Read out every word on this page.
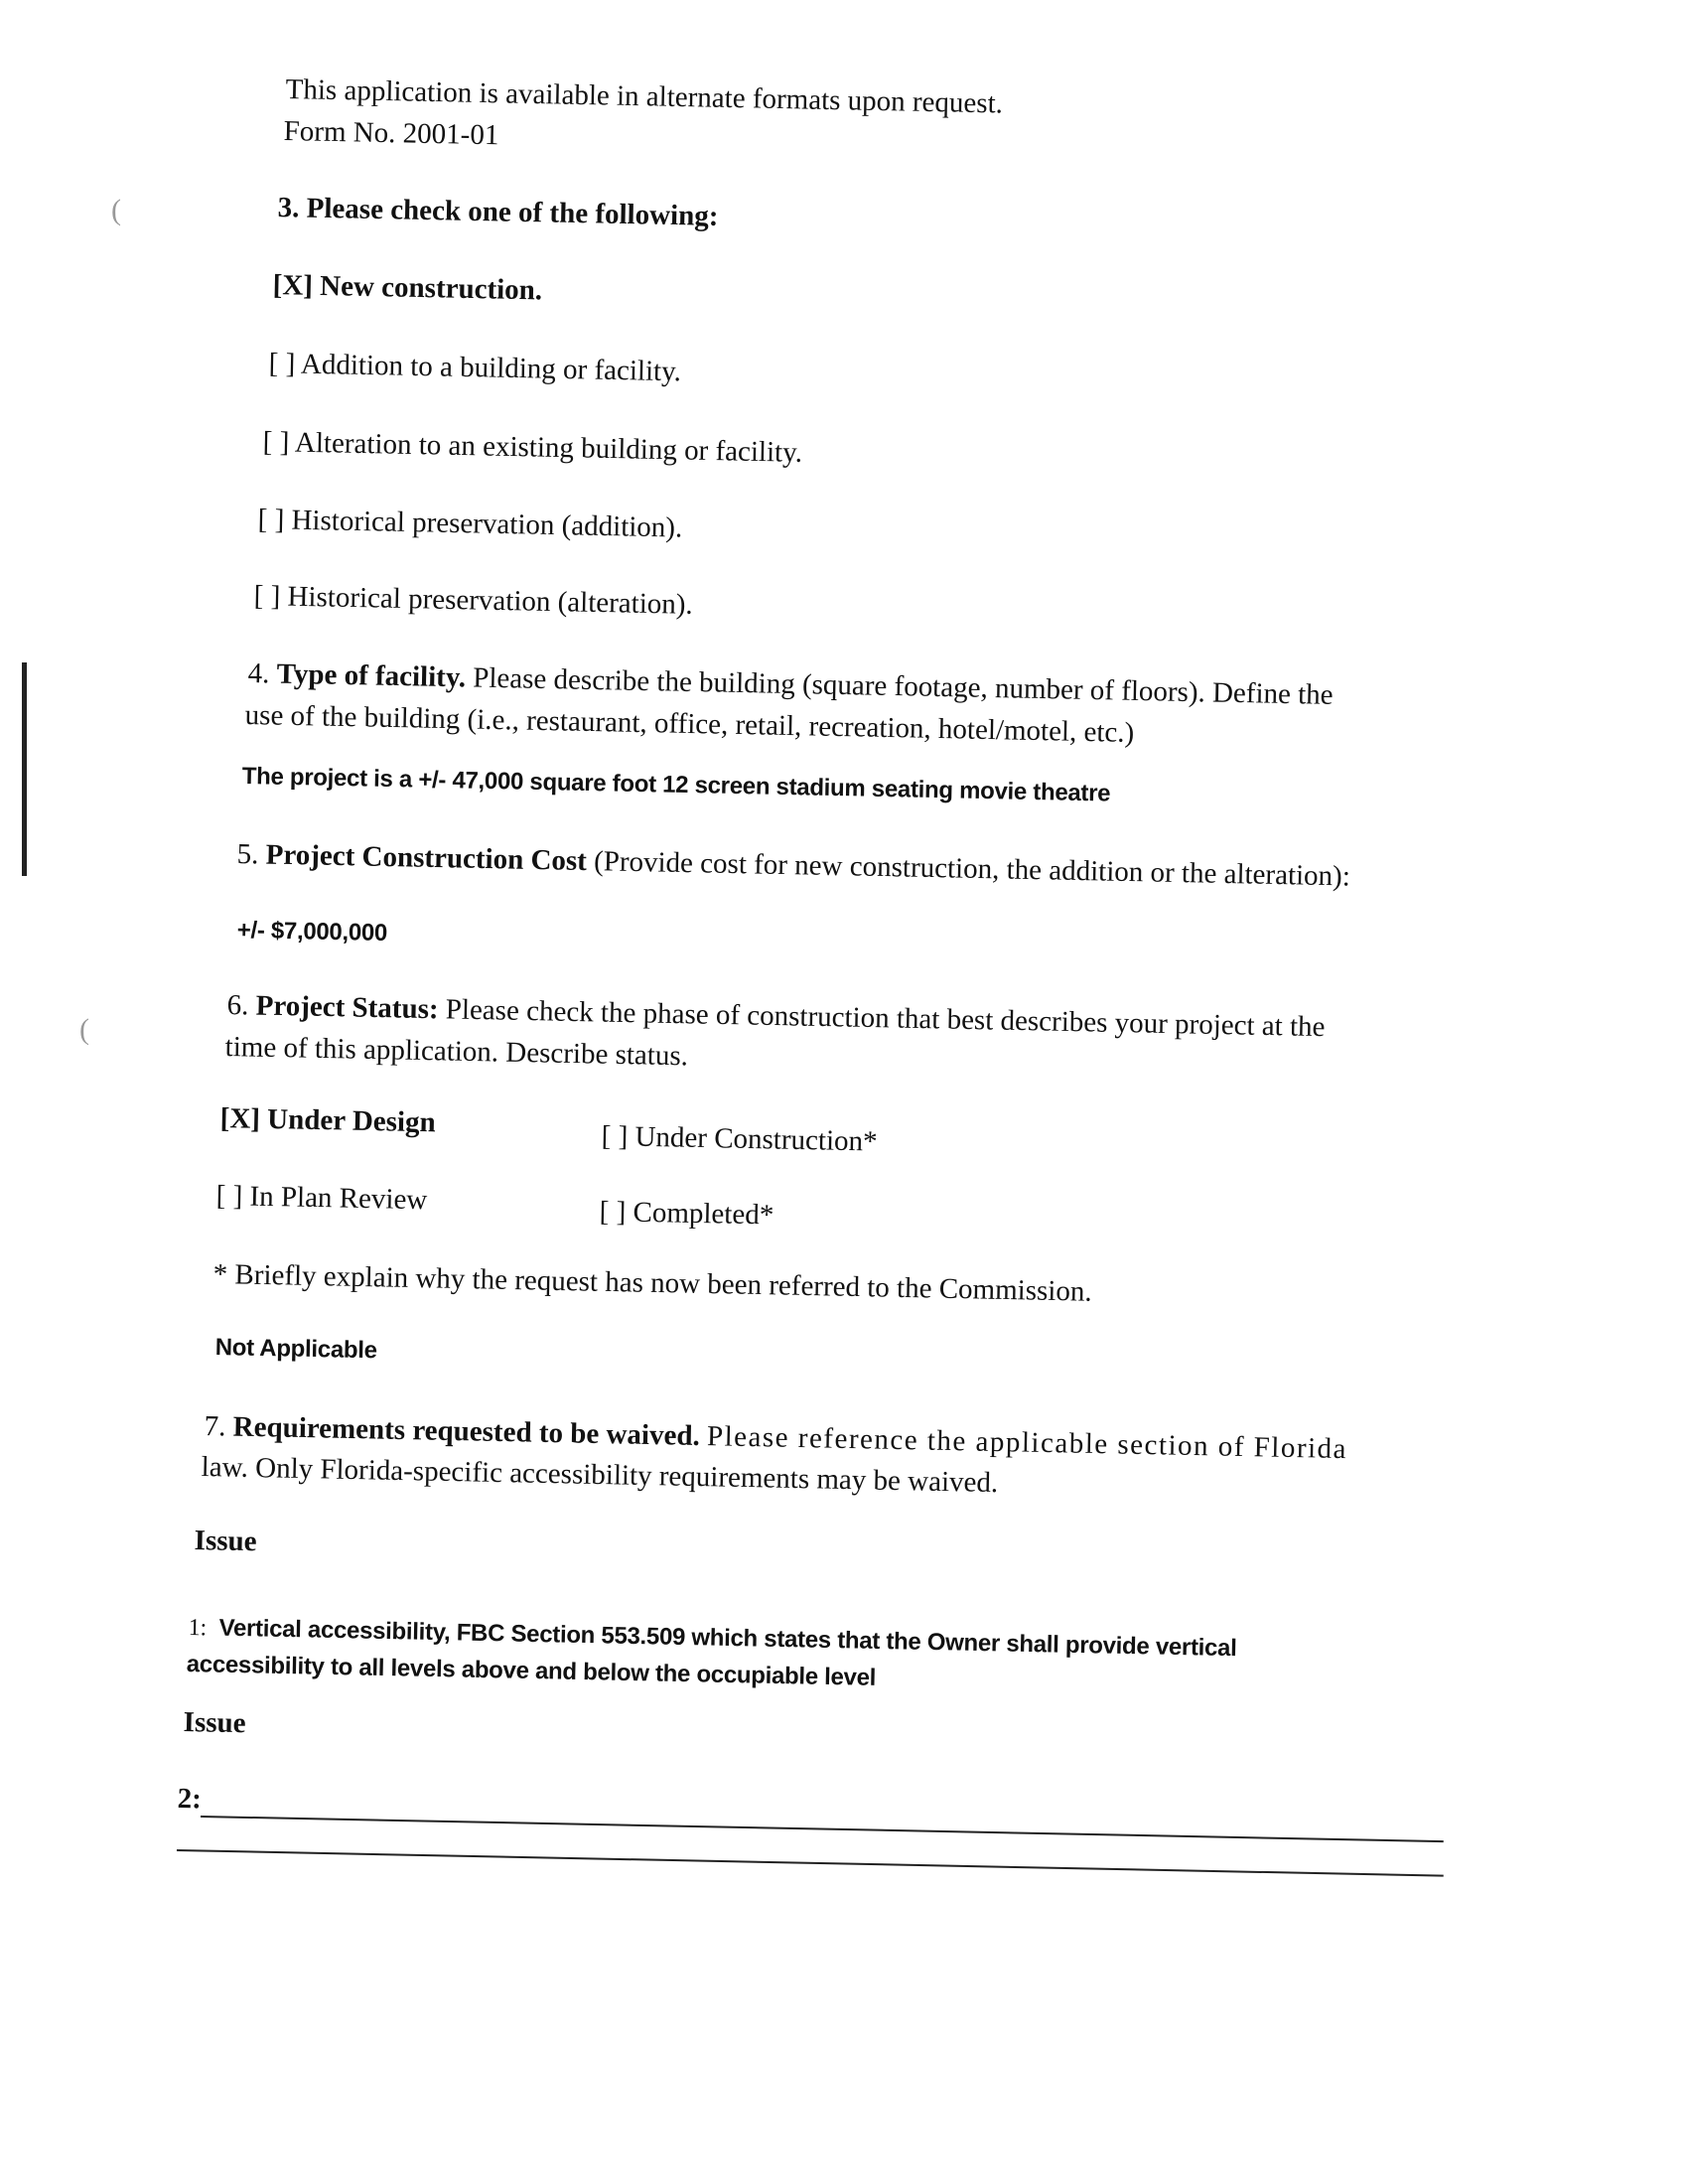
(
(
This application is available in alternate formats upon request.
Form No. 2001-01
3. Please check one of the following:
[X] New construction.
[ ] Addition to a building or facility.
[ ] Alteration to an existing building or facility.
[ ] Historical preservation (addition).
[ ] Historical preservation (alteration).
4. Type of facility. Please describe the building (square footage, number of floors). Define the
use of the building (i.e., restaurant, office, retail, recreation, hotel/motel, etc.)
The project is a +/- 47,000 square foot 12 screen stadium seating movie theatre
5. Project Construction Cost (Provide cost for new construction, the addition or the alteration):
+/- $7,000,000
6. Project Status: Please check the phase of construction that best describes your project at the
time of this application. Describe status.
[X] Under Design	[ ] Under Construction*
[ ] In Plan Review	[ ] Completed*
* Briefly explain why the request has now been referred to the Commission.
Not Applicable
7. Requirements requested to be waived. Please reference the applicable section of Florida
law. Only Florida-specific accessibility requirements may be waived.
Issue
1: Vertical accessibility, FBC Section 553.509 which states that the Owner shall provide vertical
accessibility to all levels above and below the occupiable level
Issue
2:
